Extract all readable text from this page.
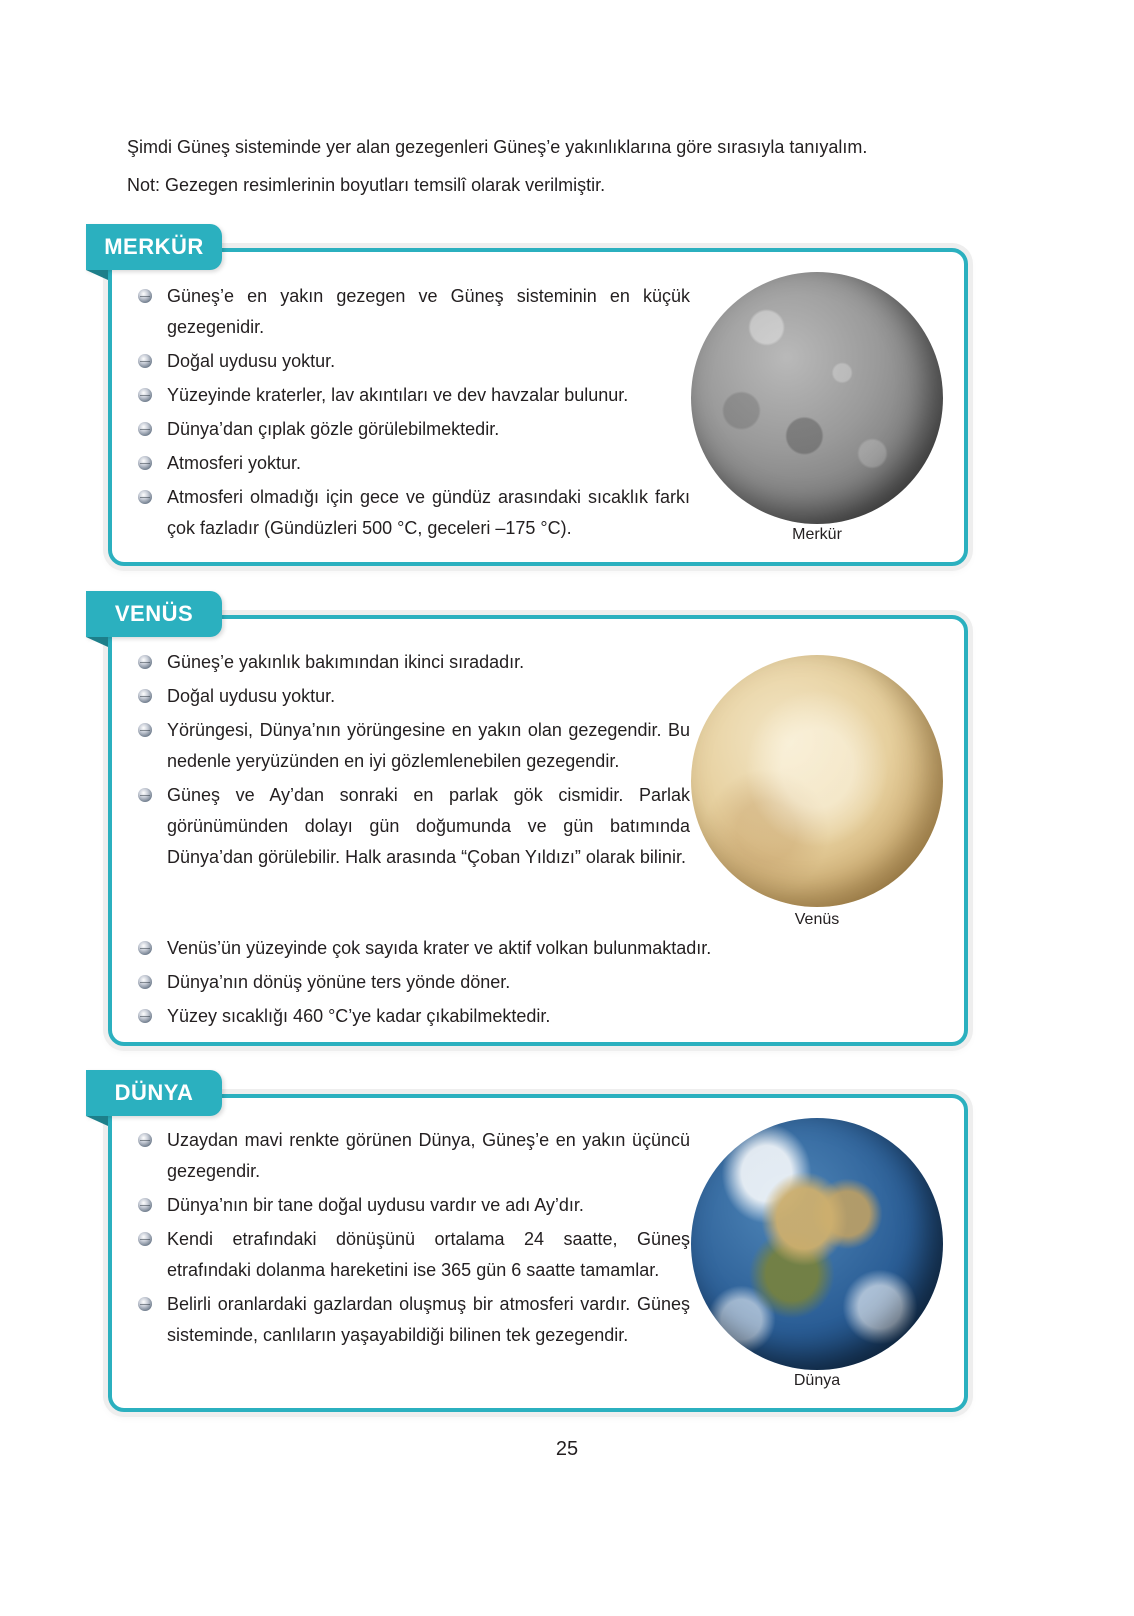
Şimdi Güneş sisteminde yer alan gezegenleri Güneş’e yakınlıklarına göre sırasıyla tanıyalım.
Not: Gezegen resimlerinin boyutları temsilî olarak verilmiştir.
MERKÜR
Güneş’e en yakın gezegen ve Güneş sisteminin en küçük gezegenidir.
Doğal uydusu yoktur.
Yüzeyinde kraterler, lav akıntıları ve dev havzalar bulunur.
Dünya’dan çıplak gözle görülebilmektedir.
Atmosferi yoktur.
Atmosferi olmadığı için gece ve gündüz arasındaki sıcaklık farkı çok fazladır (Gündüzleri 500 °C, geceleri –175 °C).	Merkür
VENÜS
Güneş’e yakınlık bakımından ikinci sıradadır.
Doğal uydusu yoktur.
Yörüngesi, Dünya’nın yörüngesine en yakın olan gezegendir. Bu nedenle yeryüzünden en iyi gözlemlenebilen gezegendir.
Güneş ve Ay’dan sonraki en parlak gök cismidir. Parlak görünümünden dolayı gün doğumunda ve gün batımında Dünya’dan görülebilir. Halk arasında “Çoban Yıldızı” olarak bilinir.
Venüs’ün yüzeyinde çok sayıda krater ve aktif volkan bulunmaktadır.
Dünya’nın dönüş yönüne ters yönde döner.
Yüzey sıcaklığı 460 °C’ye kadar çıkabilmektedir.
Venüs
DÜNYA
Uzaydan mavi renkte görünen Dünya, Güneş’e en yakın üçüncü gezegendir.
Dünya’nın bir tane doğal uydusu vardır ve adı Ay’dır.
Kendi etrafındaki dönüşünü ortalama 24 saatte, Güneş etrafındaki dolanma hareketini ise 365 gün 6 saatte tamamlar.
Belirli oranlardaki gazlardan oluşmuş bir atmosferi vardır. Güneş sisteminde, canlıların yaşayabildiği bilinen tek gezegendir.
Dünya
25
